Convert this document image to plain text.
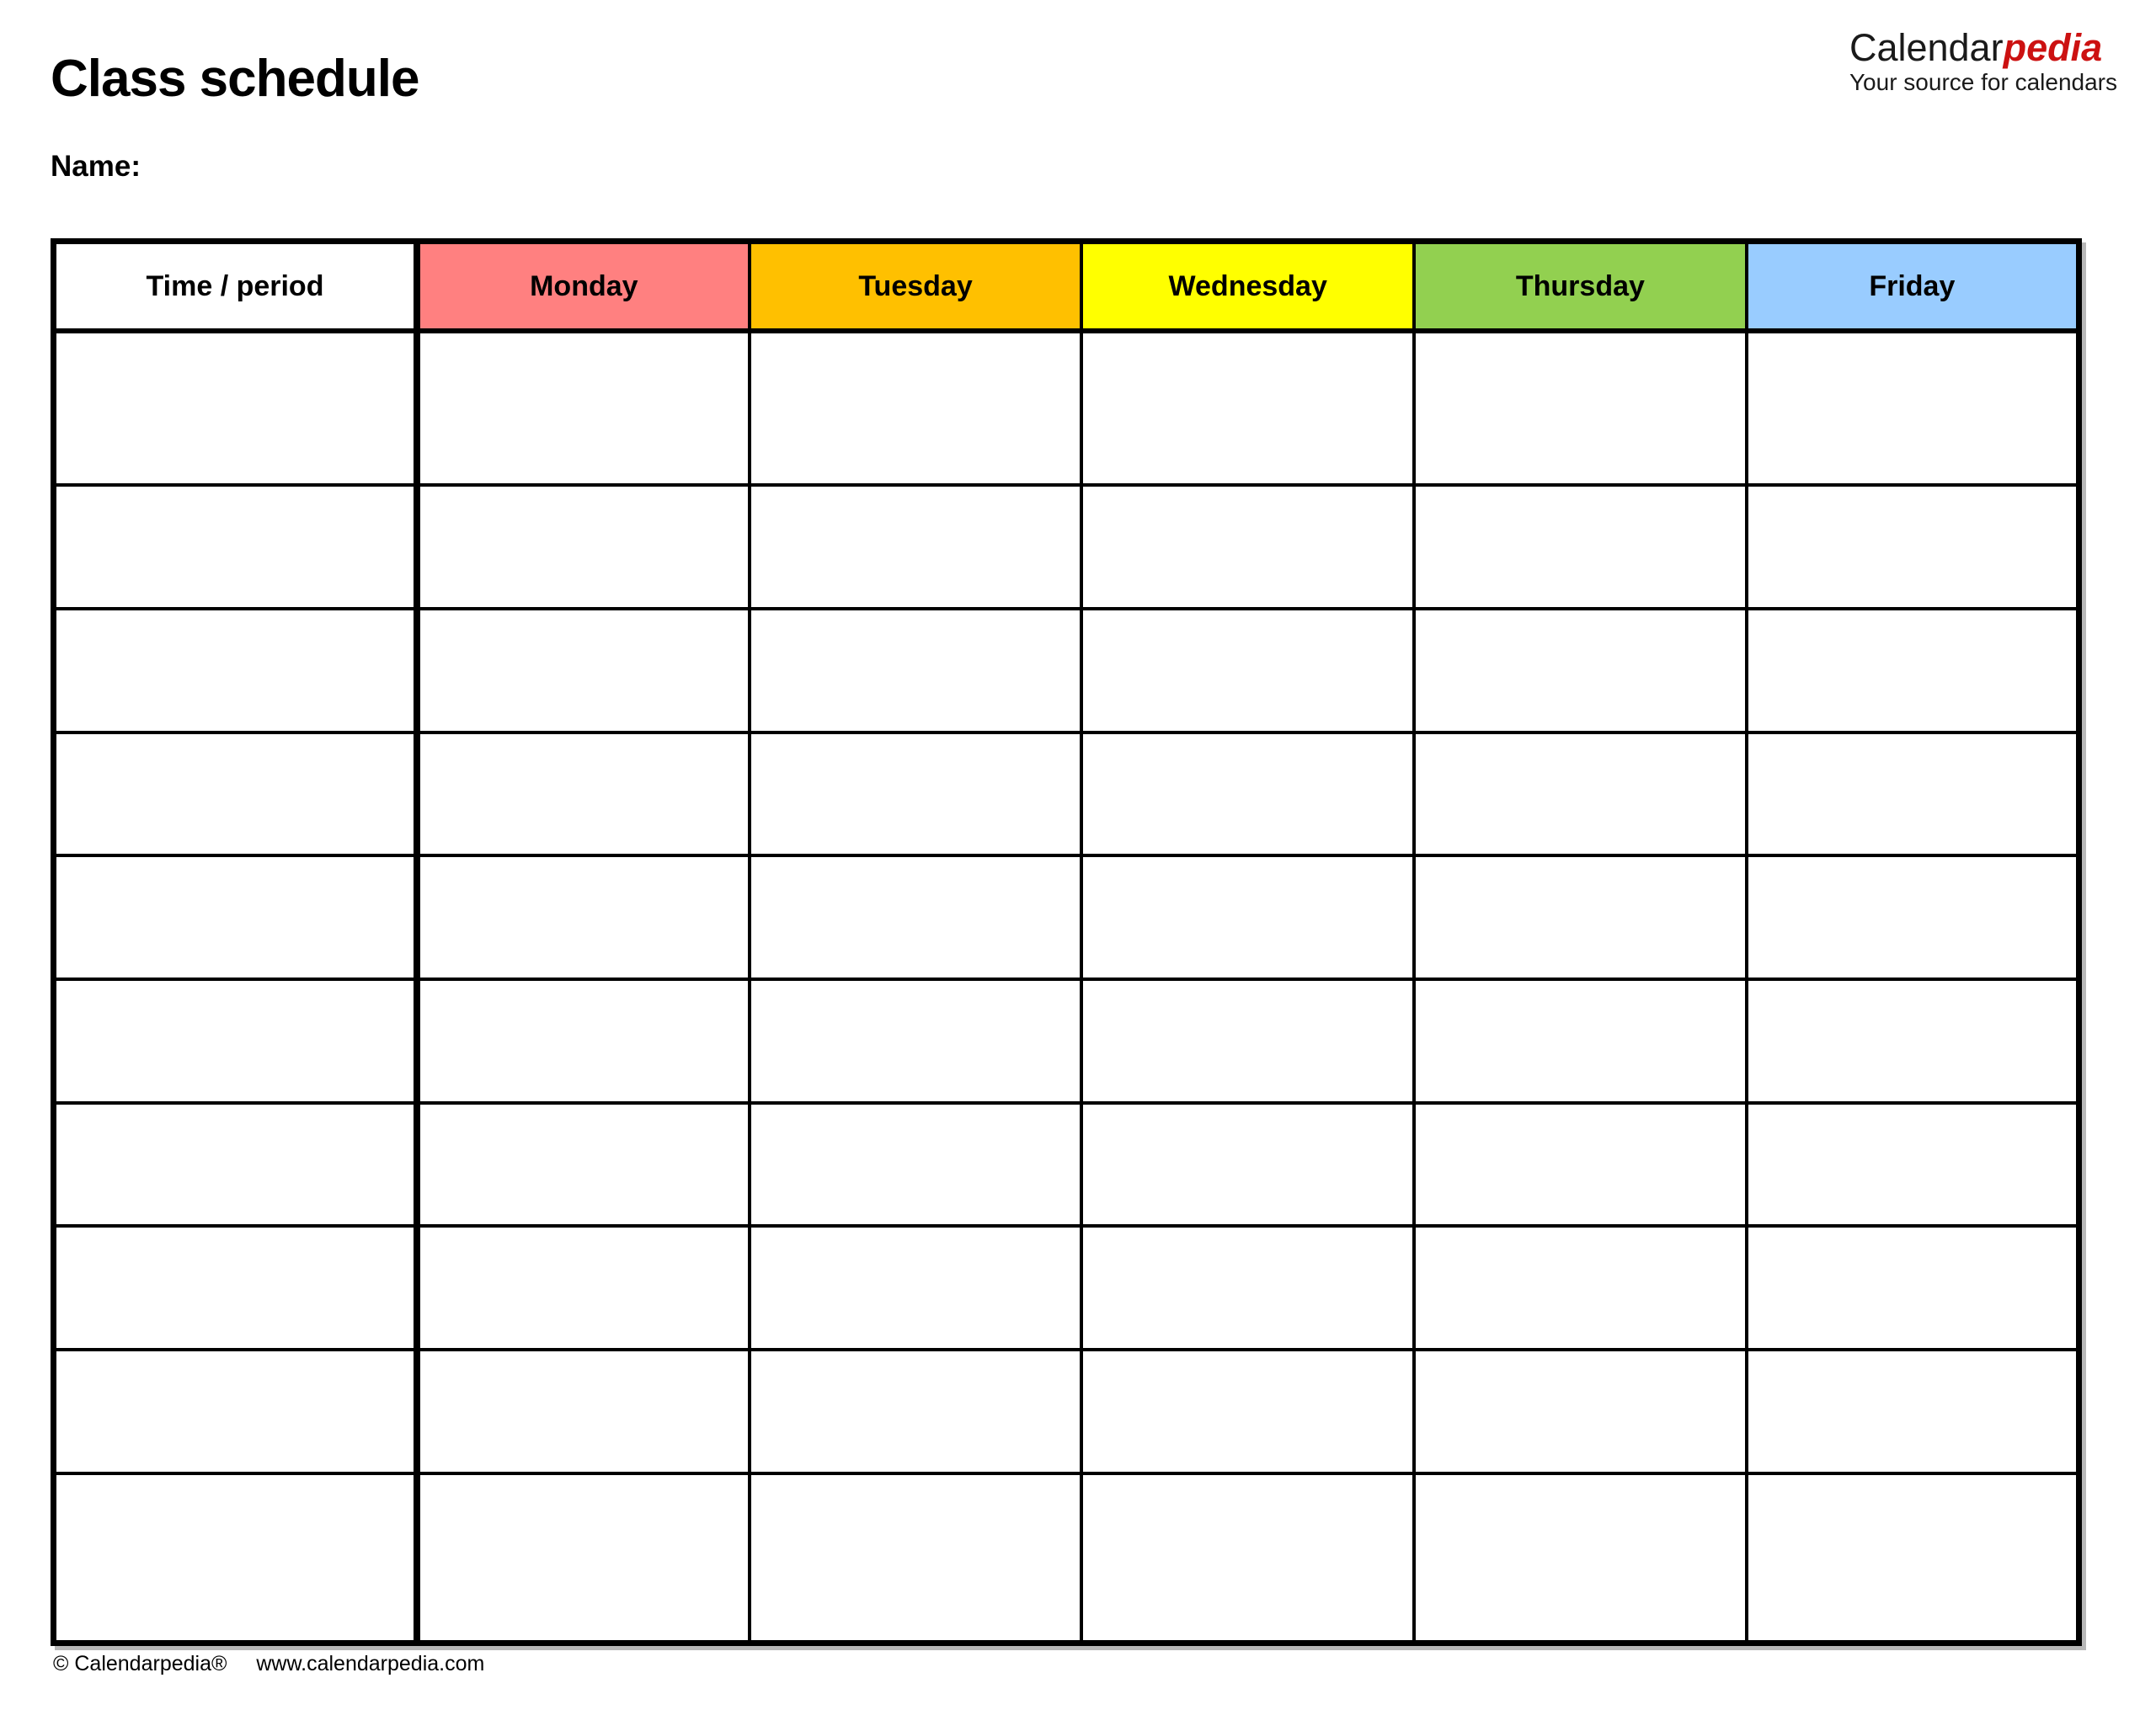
Class schedule
Calendarpedia
Your source for calendars
Name:
Time / period	Monday	Tuesday	Wednesday	Thursday	Friday

© Calendarpedia® www.calendarpedia.com
